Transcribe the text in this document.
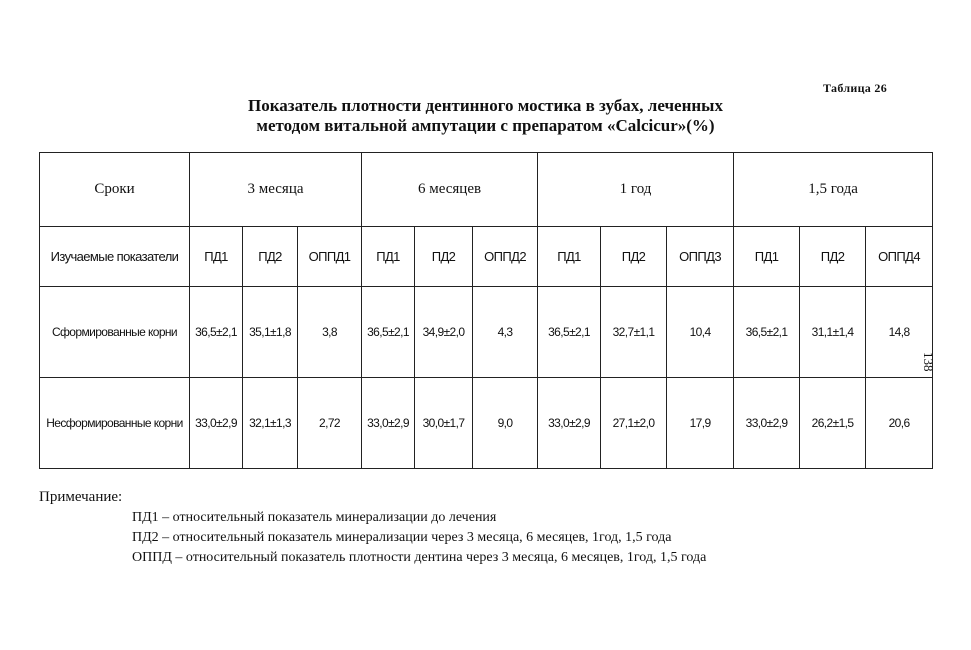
Таблица 26
Показатель плотности дентинного мостика в зубах, леченных
методом витальной ампутации с препаратом «Calcicur»(%)
138
Сроки	3 месяца			6 месяцев			1 год			1,5 года		
Изучаемые показатели	ПД1	ПД2	ОППД1	ПД1	ПД2	ОППД2	ПД1	ПД2	ОППД3	ПД1	ПД2	ОППД4
Сформированные корни	36,5±2,1	35,1±1,8	3,8	36,5±2,1	34,9±2,0	4,3	36,5±2,1	32,7±1,1	10,4	36,5±2,1	31,1±1,4	14,8
Несформированные корни	33,0±2,9	32,1±1,3	2,72	33,0±2,9	30,0±1,7	9,0	33,0±2,9	27,1±2,0	17,9	33,0±2,9	26,2±1,5	20,6
Примечание:
ПД1 – относительный показатель минерализации до лечения
ПД2 – относительный показатель минерализации через 3 месяца, 6 месяцев, 1год, 1,5 года
ОППД – относительный показатель плотности дентина через 3 месяца, 6 месяцев, 1год, 1,5 года
